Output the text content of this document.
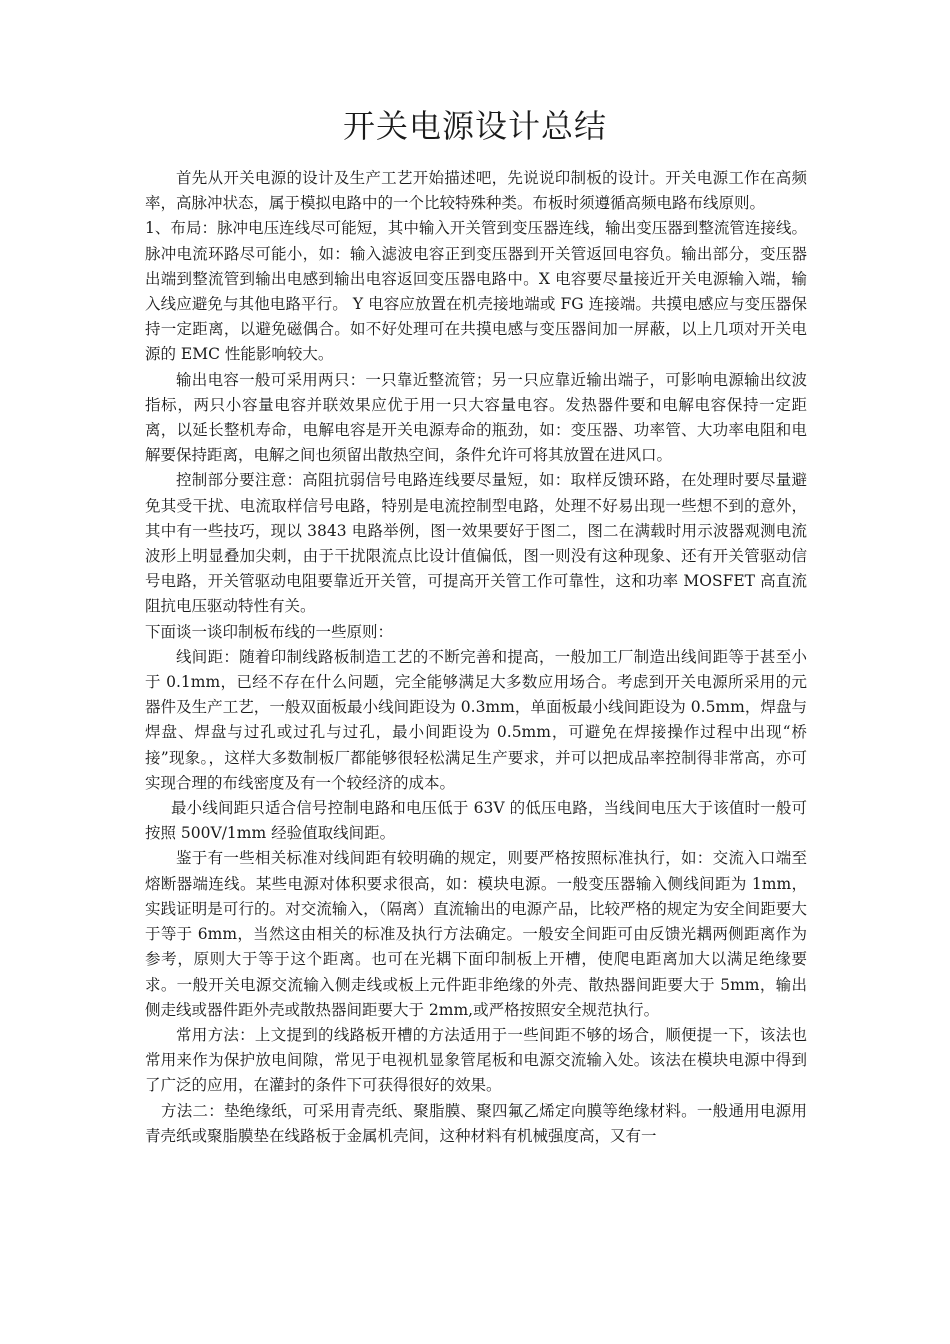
开关电源设计总结

首先从开关电源的设计及生产工艺开始描述吧，先说说印制板的设计。开关电源工作在高频率，高脉冲状态，属于模拟电路中的一个比较特殊种类。布板时须遵循高频电路布线原则。

1、布局：脉冲电压连线尽可能短，其中输入开关管到变压器连线，输出变压器到整流管连接线。脉冲电流环路尽可能小，如：输入滤波电容正到变压器到开关管返回电容负。输出部分，变压器出端到整流管到输出电感到输出电容返回变压器电路中。X 电容要尽量接近开关电源输入端，输入线应避免与其他电路平行。 Y 电容应放置在机壳接地端或 FG 连接端。共摸电感应与变压器保持一定距离，以避免磁偶合。如不好处理可在共摸电感与变压器间加一屏蔽，以上几项对开关电源的 EMC 性能影响较大。

输出电容一般可采用两只：一只靠近整流管；另一只应靠近输出端子，可影响电源输出纹波指标，两只小容量电容并联效果应优于用一只大容量电容。发热器件要和电解电容保持一定距离，以延长整机寿命，电解电容是开关电源寿命的瓶劲，如：变压器、功率管、大功率电阻和电解要保持距离，电解之间也须留出散热空间，条件允许可将其放置在进风口。

控制部分要注意：高阻抗弱信号电路连线要尽量短，如：取样反馈环路，在处理时要尽量避免其受干扰、电流取样信号电路，特别是电流控制型电路，处理不好易出现一些想不到的意外，其中有一些技巧，现以 3843 电路举例，图一效果要好于图二，图二在满载时用示波器观测电流波形上明显叠加尖刺，由于干扰限流点比设计值偏低，图一则没有这种现象、还有开关管驱动信号电路，开关管驱动电阻要靠近开关管，可提高开关管工作可靠性，这和功率 MOSFET 高直流阻抗电压驱动特性有关。

下面谈一谈印制板布线的一些原则：

线间距：随着印制线路板制造工艺的不断完善和提高，一般加工厂制造出线间距等于甚至小于 0.1mm，已经不存在什么问题，完全能够满足大多数应用场合。考虑到开关电源所采用的元器件及生产工艺，一般双面板最小线间距设为 0.3mm，单面板最小线间距设为 0.5mm，焊盘与焊盘、焊盘与过孔或过孔与过孔，最小间距设为 0.5mm，可避免在焊接操作过程中出现“桥接”现象。，这样大多数制板厂都能够很轻松满足生产要求，并可以把成品率控制得非常高，亦可实现合理的布线密度及有一个较经济的成本。

最小线间距只适合信号控制电路和电压低于 63V 的低压电路，当线间电压大于该值时一般可按照 500V/1mm 经验值取线间距。

鉴于有一些相关标准对线间距有较明确的规定，则要严格按照标准执行，如：交流入口端至熔断器端连线。某些电源对体积要求很高，如：模块电源。一般变压器输入侧线间距为 1mm，实践证明是可行的。对交流输入，（隔离）直流输出的电源产品，比较严格的规定为安全间距要大于等于 6mm，当然这由相关的标准及执行方法确定。一般安全间距可由反馈光耦两侧距离作为参考，原则大于等于这个距离。也可在光耦下面印制板上开槽，使爬电距离加大以满足绝缘要求。一般开关电源交流输入侧走线或板上元件距非绝缘的外壳、散热器间距要大于 5mm，输出侧走线或器件距外壳或散热器间距要大于 2mm,或严格按照安全规范执行。

常用方法：上文提到的线路板开槽的方法适用于一些间距不够的场合，顺便提一下，该法也常用来作为保护放电间隙，常见于电视机显象管尾板和电源交流输入处。该法在模块电源中得到了广泛的应用，在灌封的条件下可获得很好的效果。

方法二：垫绝缘纸，可采用青壳纸、聚脂膜、聚四氟乙烯定向膜等绝缘材料。一般通用电源用青壳纸或聚脂膜垫在线路板于金属机壳间，这种材料有机械强度高，又有一
